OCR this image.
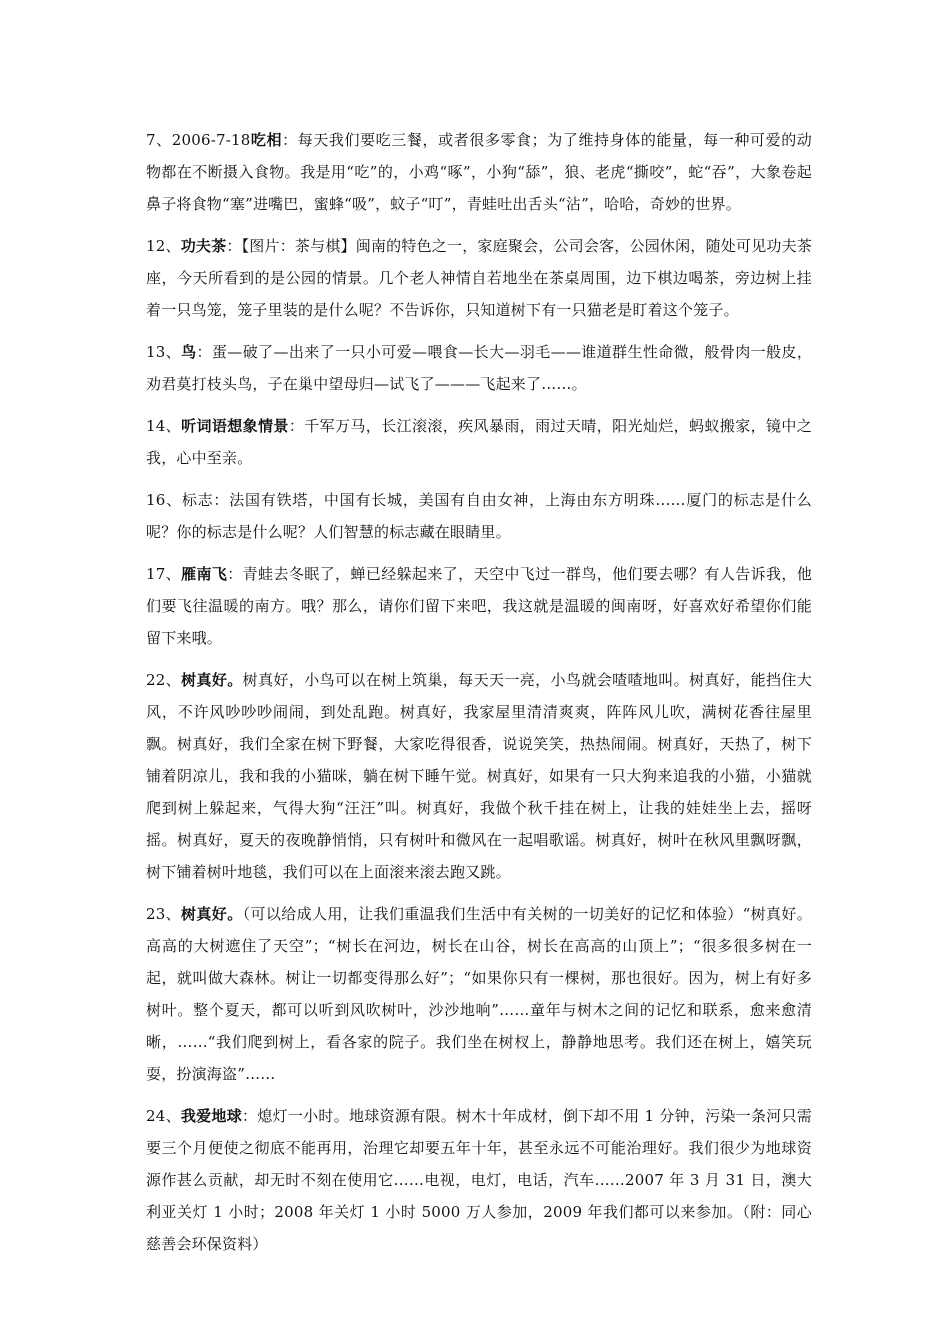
7、2006-7-18吃相：每天我们要吃三餐，或者很多零食；为了维持身体的能量，每一种可爱的动物都在不断摄入食物。我是用“吃”的，小鸡“啄”，小狗“舔”，狼、老虎“撕咬”，蛇“吞”，大象卷起鼻子将食物“塞”进嘴巴，蜜蜂“吸”，蚊子“叮”，青蛙吐出舌头“沾”，哈哈，奇妙的世界。

12、功夫茶：【图片：茶与棋】闽南的特色之一，家庭聚会，公司会客，公园休闲，随处可见功夫茶座，今天所看到的是公园的情景。几个老人神情自若地坐在茶桌周围，边下棋边喝茶，旁边树上挂着一只鸟笼，笼子里装的是什么呢？不告诉你，只知道树下有一只猫老是盯着这个笼子。

13、鸟：蛋—破了—出来了一只小可爱—喂食—长大—羽毛——谁道群生性命微，般骨肉一般皮，劝君莫打枝头鸟，子在巢中望母归—试飞了———飞起来了……。

14、听词语想象情景：千军万马，长江滚滚，疾风暴雨，雨过天晴，阳光灿烂，蚂蚁搬家，镜中之我，心中至亲。

16、标志：法国有铁塔，中国有长城，美国有自由女神，上海由东方明珠……厦门的标志是什么呢？你的标志是什么呢？人们智慧的标志藏在眼睛里。

17、雁南飞：青蛙去冬眠了，蝉已经躲起来了，天空中飞过一群鸟，他们要去哪？有人告诉我，他们要飞往温暖的南方。哦？那么，请你们留下来吧，我这就是温暖的闽南呀，好喜欢好希望你们能留下来哦。

22、树真好。树真好，小鸟可以在树上筑巢，每天天一亮，小鸟就会喳喳地叫。树真好，能挡住大风，不许风吵吵吵闹闹，到处乱跑。树真好，我家屋里清清爽爽，阵阵风儿吹，满树花香往屋里飘。树真好，我们全家在树下野餐，大家吃得很香，说说笑笑，热热闹闹。树真好，天热了，树下铺着阴凉儿，我和我的小猫咪，躺在树下睡午觉。树真好，如果有一只大狗来追我的小猫，小猫就爬到树上躲起来，气得大狗“汪汪”叫。树真好，我做个秋千挂在树上，让我的娃娃坐上去，摇呀摇。树真好，夏天的夜晚静悄悄，只有树叶和微风在一起唱歌谣。树真好，树叶在秋风里飘呀飘，树下铺着树叶地毯，我们可以在上面滚来滚去跑又跳。

23、树真好。（可以给成人用，让我们重温我们生活中有关树的一切美好的记忆和体验）“树真好。高高的大树遮住了天空”；“树长在河边，树长在山谷，树长在高高的山顶上”；“很多很多树在一起，就叫做大森林。树让一切都变得那么好”；“如果你只有一棵树，那也很好。因为，树上有好多树叶。整个夏天，都可以听到风吹树叶，沙沙地响”……童年与树木之间的记忆和联系，愈来愈清晰，……“我们爬到树上，看各家的院子。我们坐在树杈上，静静地思考。我们还在树上，嬉笑玩耍，扮演海盗”……

24、我爱地球：熄灯一小时。地球资源有限。树木十年成材，倒下却不用 1 分钟，污染一条河只需要三个月便使之彻底不能再用，治理它却要五年十年，甚至永远不可能治理好。我们很少为地球资源作甚么贡献，却无时不刻在使用它……电视，电灯，电话，汽车……2007 年 3 月 31 日，澳大利亚关灯 1 小时；2008 年关灯 1 小时 5000 万人参加，2009 年我们都可以来参加。（附：同心慈善会环保资料）
